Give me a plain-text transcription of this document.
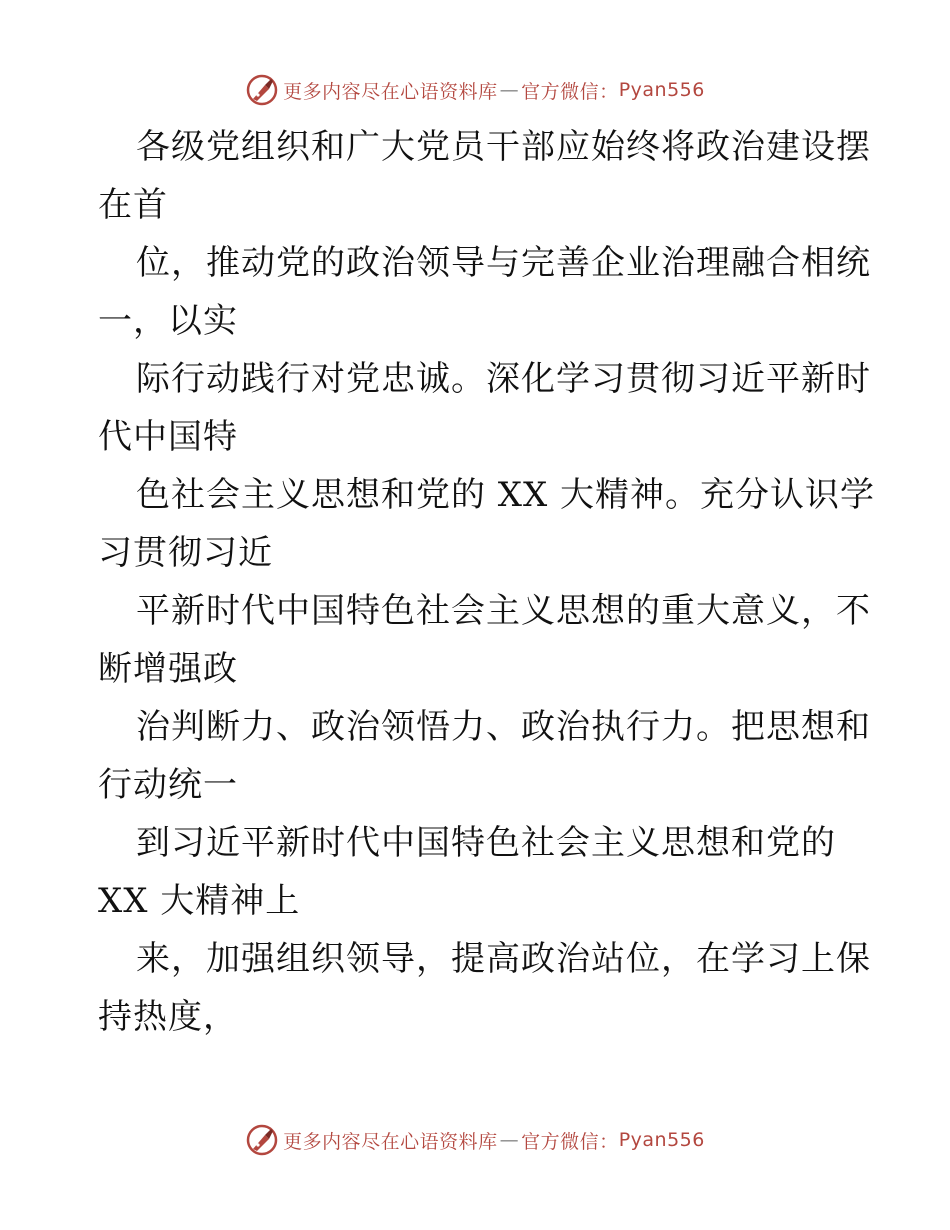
更多内容尽在心语资料库 — 官方微信： Pyan556
各级党组织和广大党员干部应始终将政治建设摆
在首
位，推动党的政治领导与完善企业治理融合相统
一，以实
际行动践行对党忠诚。深化学习贯彻习近平新时
代中国特
色社会主义思想和党的 XX 大精神。充分认识学
习贯彻习近
平新时代中国特色社会主义思想的重大意义，不
断增强政
治判断力、政治领悟力、政治执行力。把思想和
行动统一
到习近平新时代中国特色社会主义思想和党的
XX 大精神上
来，加强组织领导，提高政治站位，在学习上保
持热度，
更多内容尽在心语资料库 — 官方微信： Pyan556
